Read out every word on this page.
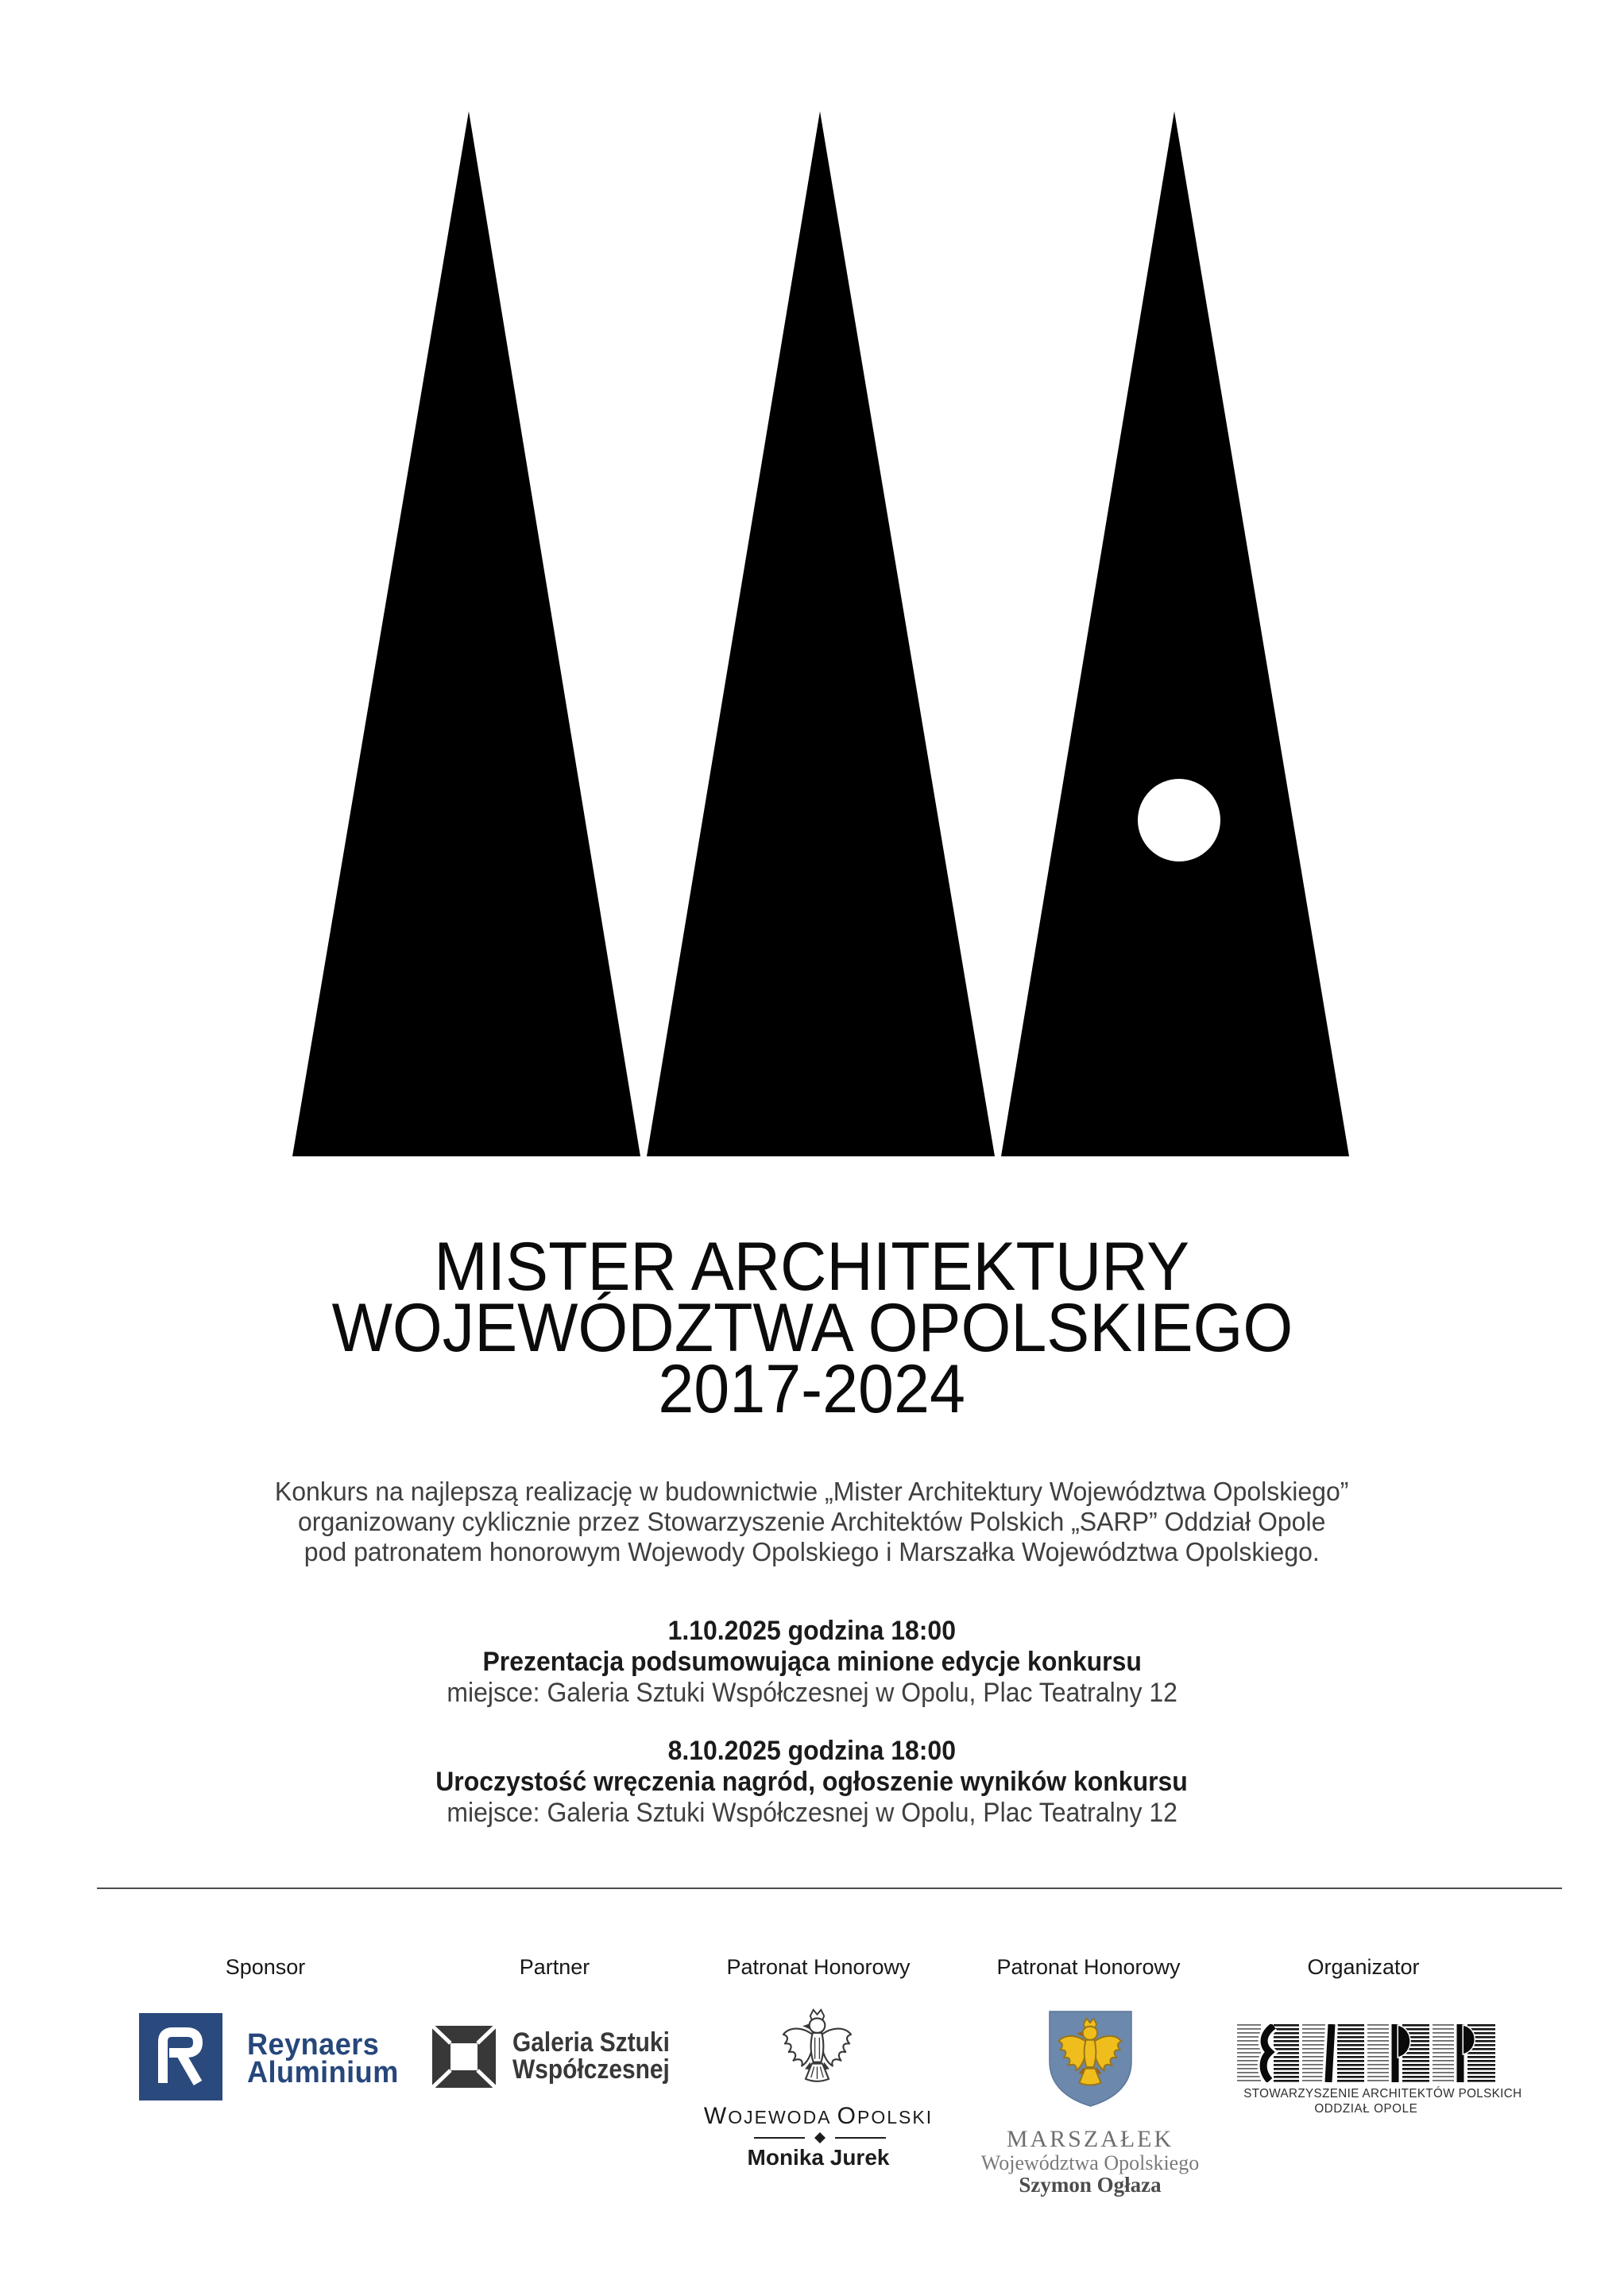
MISTER ARCHITEKTURY
WOJEWÓDZTWA OPOLSKIEGO
2017-2024
Konkurs na najlepszą realizację w budownictwie „Mister Architektury Województwa Opolskiego”
organizowany cyklicznie przez Stowarzyszenie Architektów Polskich „SARP” Oddział Opole
pod patronatem honorowym Wojewody Opolskiego i Marszałka Województwa Opolskiego.
1.10.2025 godzina 18:00
Prezentacja podsumowująca minione edycje konkursu
miejsce: Galeria Sztuki Współczesnej w Opolu, Plac Teatralny 12
8.10.2025 godzina 18:00
Uroczystość wręczenia nagród, ogłoszenie wyników konkursu
miejsce: Galeria Sztuki Współczesnej w Opolu, Plac Teatralny 12
Sponsor	Partner	Patronat Honorowy	Patronat Honorowy	Organizator
Reynaers
Aluminium
Galeria Sztuki
Współczesnej
WOJEWODA OPOLSKI
Monika Jurek
MARSZAŁEK
Województwa Opolskiego
Szymon Ogłaza
STOWARZYSZENIE ARCHITEKTÓW POLSKICH
ODDZIAŁ OPOLE
